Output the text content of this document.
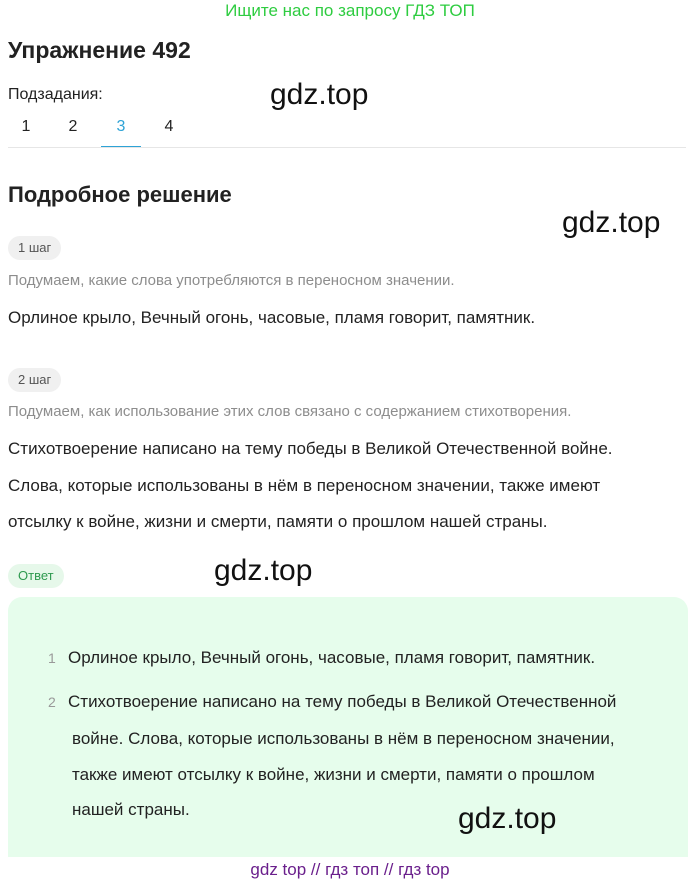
Ищите нас по запросу ГДЗ ТОП
Упражнение 492
Подзадания:
1	2	3	4
gdz.top
Подробное решение
gdz.top
1 шаг
Подумаем, какие слова употребляются в переносном значении.
Орлиное крыло, Вечный огонь, часовые, пламя говорит, памятник.
2 шаг
Подумаем, как использование этих слов связано с содержанием стихотворения.
Стихотвоерение написано на тему победы в Великой Отечественной войне.
Слова, которые использованы в нём в переносном значении, также имеют
отсылку к войне, жизни и смерти, памяти о прошлом нашей страны.
Ответ	gdz.top
1 Орлиное крыло, Вечный огонь, часовые, пламя говорит, памятник.
2 Стихотвоерение написано на тему победы в Великой Отечественной
войне. Слова, которые использованы в нём в переносном значении,
также имеют отсылку к войне, жизни и смерти, памяти о прошлом
нашей страны.	gdz.top
gdz top // гдз топ // гдз top
